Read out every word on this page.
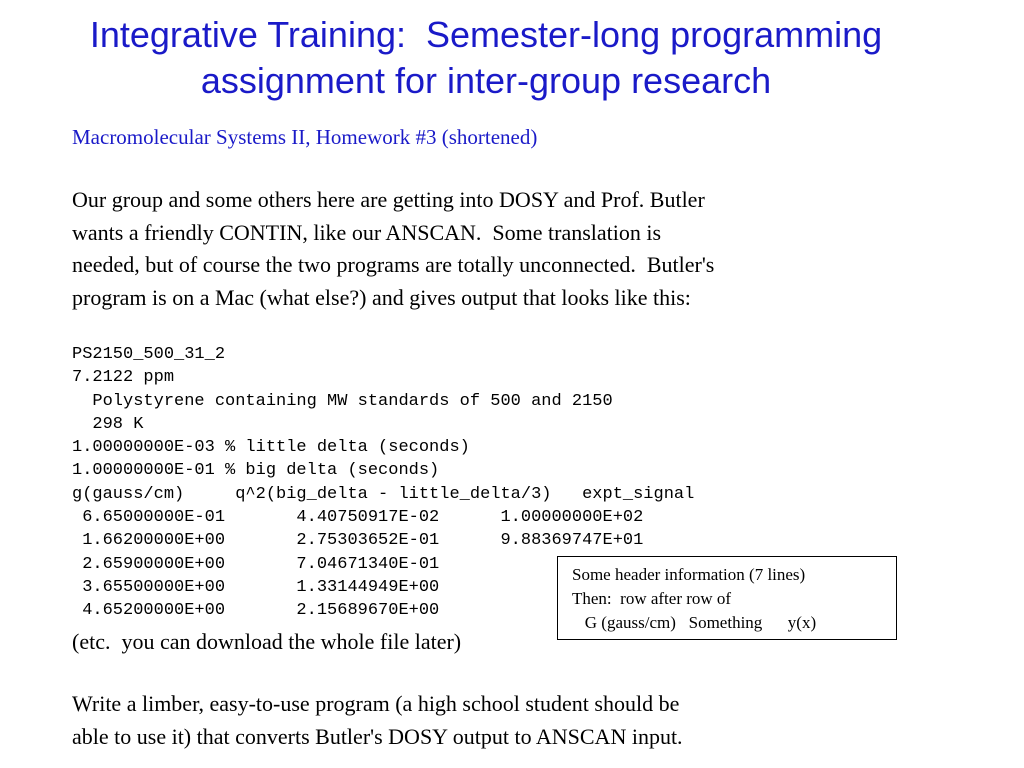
Integrative Training:  Semester-long programming
assignment for inter-group research
Macromolecular Systems II, Homework #3 (shortened)
Our group and some others here are getting into DOSY and Prof. Butler
wants a friendly CONTIN, like our ANSCAN.  Some translation is
needed, but of course the two programs are totally unconnected.  Butler's
program is on a Mac (what else?) and gives output that looks like this:
PS2150_500_31_2
7.2122 ppm
Polystyrene containing MW standards of 500 and 2150
298 K
1.00000000E-03 % little delta (seconds)
1.00000000E-01 % big delta (seconds)
g(gauss/cm)     q^2(big_delta - little_delta/3)   expt_signal
6.65000000E-01       4.40750917E-02      1.00000000E+02
1.66200000E+00       2.75303652E-01      9.88369747E+01
2.65900000E+00       7.04671340E-01
3.65500000E+00       1.33144949E+00
4.65200000E+00       2.15689670E+00
(etc.  you can download the whole file later)
Write a limber, easy-to-use program (a high school student should be
able to use it) that converts Butler's DOSY output to ANSCAN input.
Some header information (7 lines)
Then:  row after row of
G (gauss/cm)   Something      y(x)
